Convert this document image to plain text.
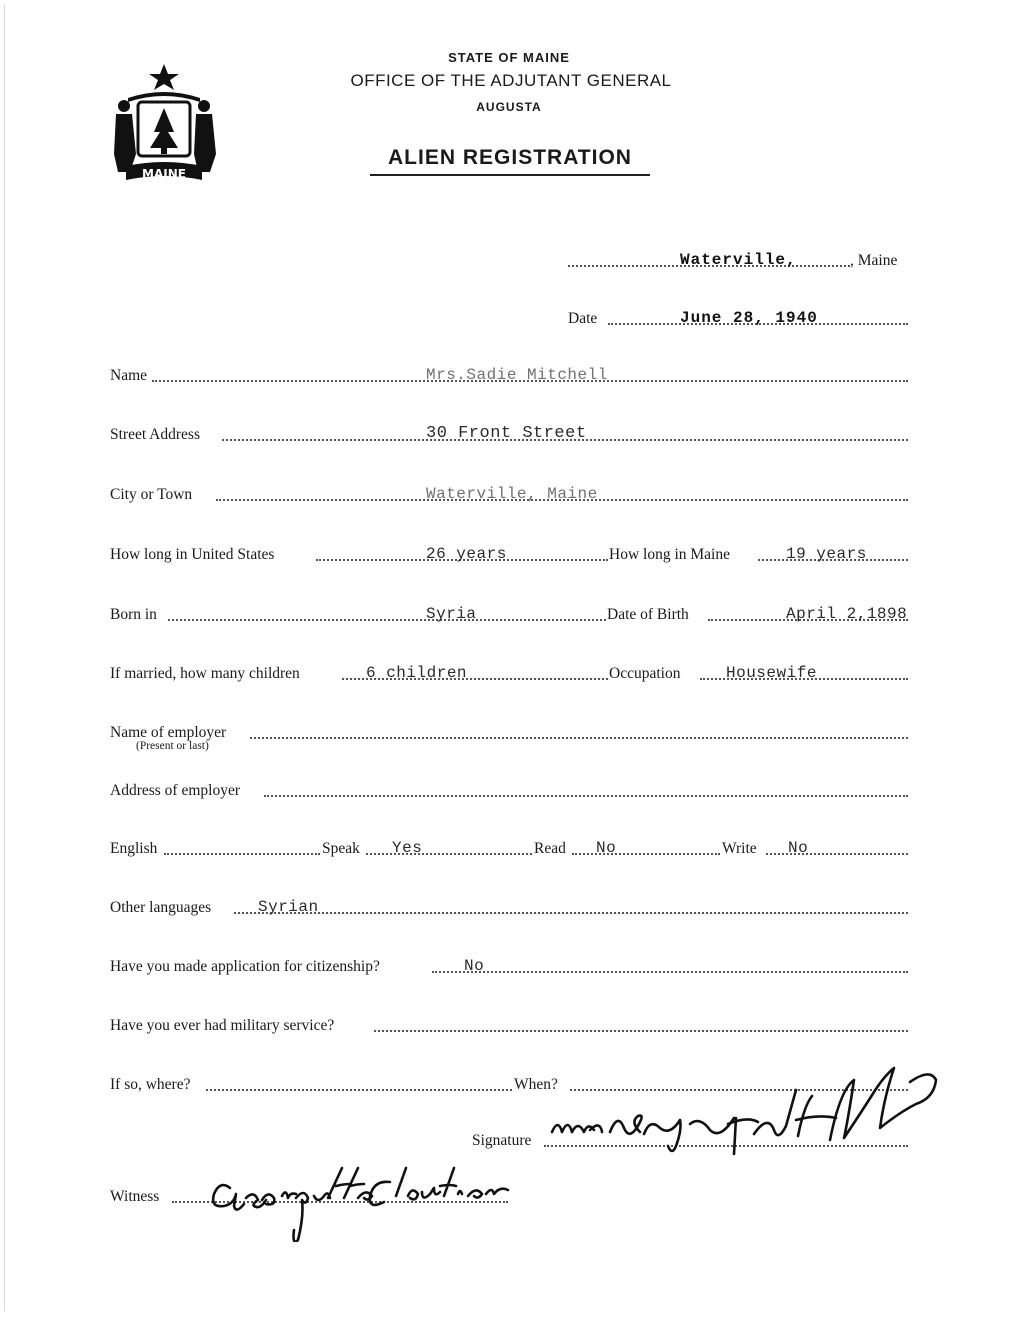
MAINE
STATE OF MAINE
OFFICE OF THE ADJUTANT GENERAL
AUGUSTA
ALIEN REGISTRATION
Waterville,	, Maine
Date	June 28, 1940
Name	Mrs.Sadie Mitchell
Street Address	30 Front Street
City or Town	Waterville, Maine
How long in United States	26 years	How long in Maine	19 years
Born in	Syria	Date of Birth	April 2,1898
If married, how many children	6 children	Occupation	Housewife
Name of employer
(Present or last)
Address of employer
English	Speak Yes	Read No	Write No
Other languages	Syrian
Have you made application for citizenship?	No
Have you ever had military service?
If so, where?	When?
Signature
Witness
